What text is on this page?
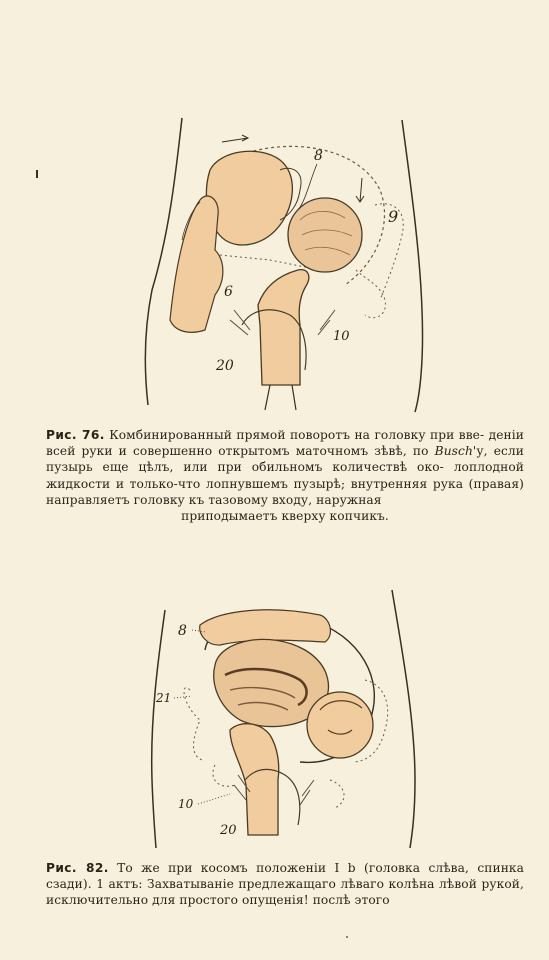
8
9
6
10
20
Рис. 76. Комбинированный прямой поворотъ на головку при вве- деніи всей руки и совершенно открытомъ маточномъ зѣвѣ, по Busch'у, если пузырь еще цѣлъ, или при обильномъ количествѣ око- лоплодной жидкости и только-что лопнувшемъ пузырѣ; внутренняя рука (правая) направляетъ головку къ тазовому входу, наружная
приподымаетъ кверху копчикъ.
8
21
10
20
Рис. 82. То же при косомъ положеніи I b (головка слѣва, спинка сзади). 1 актъ: Захватываніе предлежащаго лѣваго колѣна лѣвой рукой, исключительно для простого опущенія! послѣ этого
